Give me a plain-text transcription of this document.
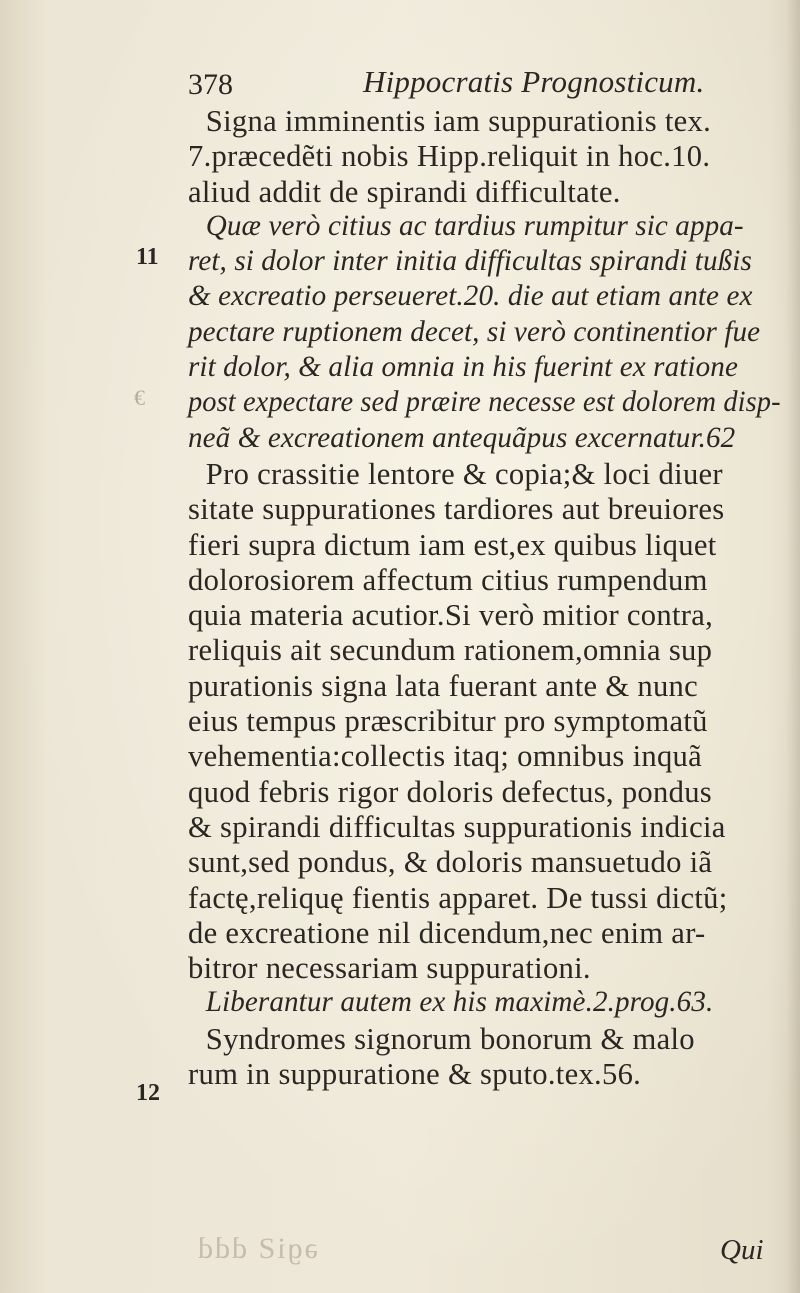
378	Hippocratis Prognosticum.
11
12
€
Signa imminentis iam suppurationis tex.
7.præcedẽti nobis Hipp.reliquit in hoc.10.
aliud addit de spirandi difficultate.
Quæ verò citius ac tardius rumpitur sic appa-
ret, si dolor inter initia difficultas spirandi tußis
& excreatio perseueret.20. die aut etiam ante ex
pectare ruptionem decet, si verò continentior fue
rit dolor, & alia omnia in his fuerint ex ratione
post expectare sed præire necesse est dolorem disp-
neã & excreationem antequãpus excernatur.62
Pro crassitie lentore & copia;& loci diuer
sitate suppurationes tardiores aut breuiores
fieri supra dictum iam est,ex quibus liquet
dolorosiorem affectum citius rumpendum
quia materia acutior.Si verò mitior contra,
reliquis ait secundum rationem,omnia sup
purationis signa lata fuerant ante & nunc
eius tempus præscribitur pro symptomatũ
vehementia:collectis itaq; omnibus inquã
quod febris rigor doloris defectus, pondus
& spirandi difficultas suppurationis indicia
sunt,sed pondus, & doloris mansuetudo iã
factę,reliquę fientis apparet. De tussi dictũ;
de excreatione nil dicendum,nec enim ar-
bitror necessariam suppurationi.
Liberantur autem ex his maximè.2.prog.63.
Syndromes signorum bonorum & malo
rum in suppuratione & sputo.tex.56.
ǝɡiƧ ddd	Qui
